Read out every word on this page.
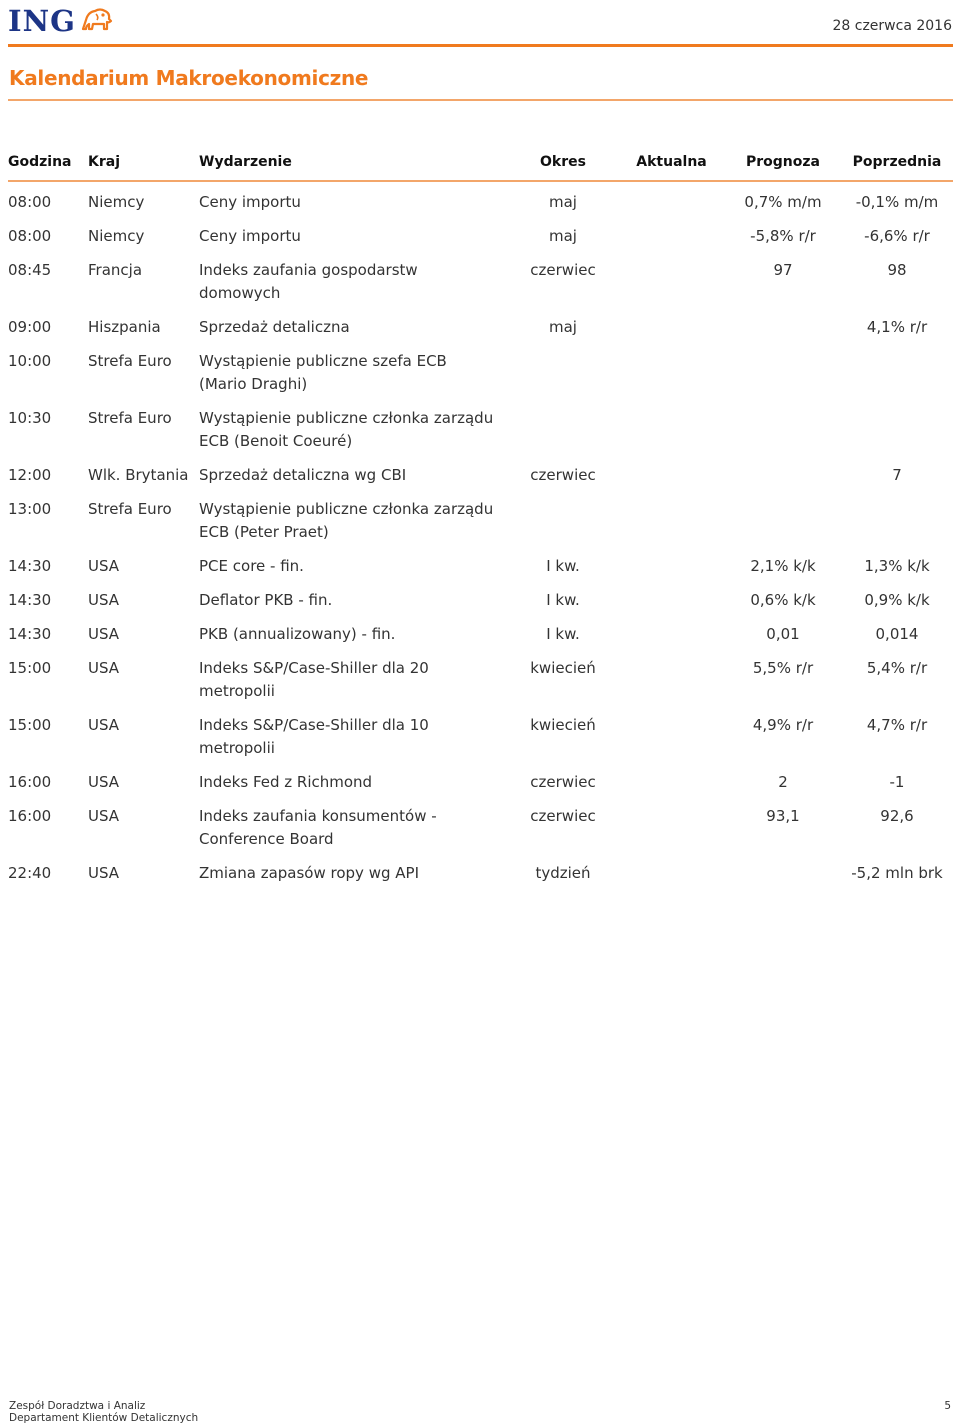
ING	28 czerwca 2016
Kalendarium Makroekonomiczne
Godzina	Kraj	Wydarzenie	Okres	Aktualna	Prognoza	Poprzednia
08:00	Niemcy	Ceny importu	maj		0,7% m/m	-0,1% m/m
08:00	Niemcy	Ceny importu	maj		-5,8% r/r	-6,6% r/r
08:45	Francja	Indeks zaufania gospodarstw domowych	czerwiec		97	98
09:00	Hiszpania	Sprzedaż detaliczna	maj			4,1% r/r
10:00	Strefa Euro	Wystąpienie publiczne szefa ECB (Mario Draghi)				
10:30	Strefa Euro	Wystąpienie publiczne członka zarządu ECB (Benoit Coeuré)				
12:00	Wlk. Brytania	Sprzedaż detaliczna wg CBI	czerwiec			7
13:00	Strefa Euro	Wystąpienie publiczne członka zarządu ECB (Peter Praet)				
14:30	USA	PCE core - fin.	I kw.		2,1% k/k	1,3% k/k
14:30	USA	Deflator PKB - fin.	I kw.		0,6% k/k	0,9% k/k
14:30	USA	PKB (annualizowany) - fin.	I kw.		0,01	0,014
15:00	USA	Indeks S&P/Case-Shiller dla 20 metropolii	kwiecień		5,5% r/r	5,4% r/r
15:00	USA	Indeks S&P/Case-Shiller dla 10 metropolii	kwiecień		4,9% r/r	4,7% r/r
16:00	USA	Indeks Fed z Richmond	czerwiec		2	-1
16:00	USA	Indeks zaufania konsumentów - Conference Board	czerwiec		93,1	92,6
22:40	USA	Zmiana zapasów ropy wg API	tydzień			-5,2 mln brk
Zespół Doradztwa i Analiz
Departament Klientów Detalicznych
5
